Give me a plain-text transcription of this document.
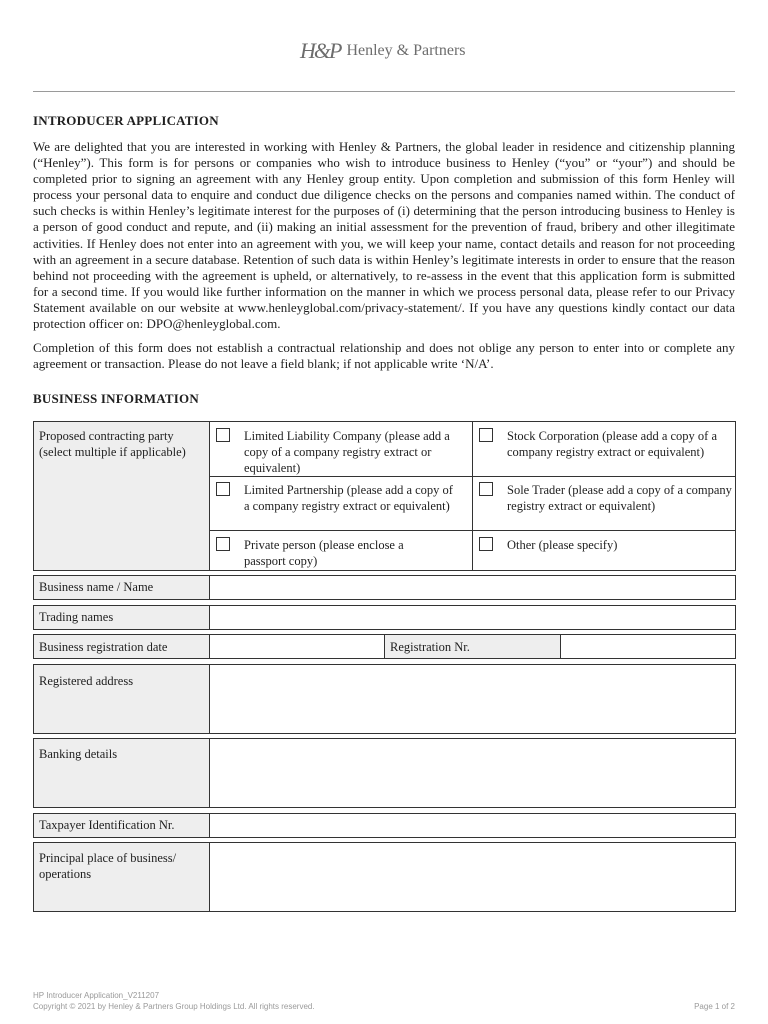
H&P Henley & Partners
INTRODUCER APPLICATION
We are delighted that you are interested in working with Henley & Partners, the global leader in residence and citizenship planning (“Henley”). This form is for persons or companies who wish to introduce business to Henley (“you” or “your”) and should be completed prior to signing an agreement with any Henley group entity. Upon completion and submission of this form Henley will process your personal data to enquire and conduct due diligence checks on the persons and companies named within. The conduct of such checks is within Henley’s legitimate interest for the purposes of (i) determining that the person introducing business to Henley is a person of good conduct and repute, and (ii) making an initial assessment for the prevention of fraud, bribery and other illegitimate activities. If Henley does not enter into an agreement with you, we will keep your name, contact details and reason for not proceeding with an agreement in a secure database. Retention of such data is within Henley’s legitimate interests in order to ensure that the reason behind not proceeding with the agreement is upheld, or alternatively, to re-assess in the event that this application form is submitted for a second time. If you would like further information on the manner in which we process personal data, please refer to our Privacy Statement available on our website at www.henleyglobal.com/privacy-statement/. If you have any questions kindly contact our data protection officer on: DPO@henleyglobal.com.
Completion of this form does not establish a contractual relationship and does not oblige any person to enter into or complete any agreement or transaction. Please do not leave a field blank; if not applicable write ‘N/A’.
BUSINESS INFORMATION
Proposed contracting party (select multiple if applicable)
Limited Liability Company (please add a copy of a company registry extract or equivalent)
Stock Corporation (please add a copy of a company registry extract or equivalent)
Limited Partnership (please add a copy of a company registry extract or equivalent)
Sole Trader (please add a copy of a company registry extract or equivalent)
Private person (please enclose a passport copy)
Other (please specify)
Business name / Name
Trading names
Business registration date	Registration Nr.
Registered address
Banking details
Taxpayer Identification Nr.
Principal place of business/ operations
HP Introducer Application_V211207
Copyright © 2021 by Henley & Partners Group Holdings Ltd. All rights reserved.	Page 1 of 2
